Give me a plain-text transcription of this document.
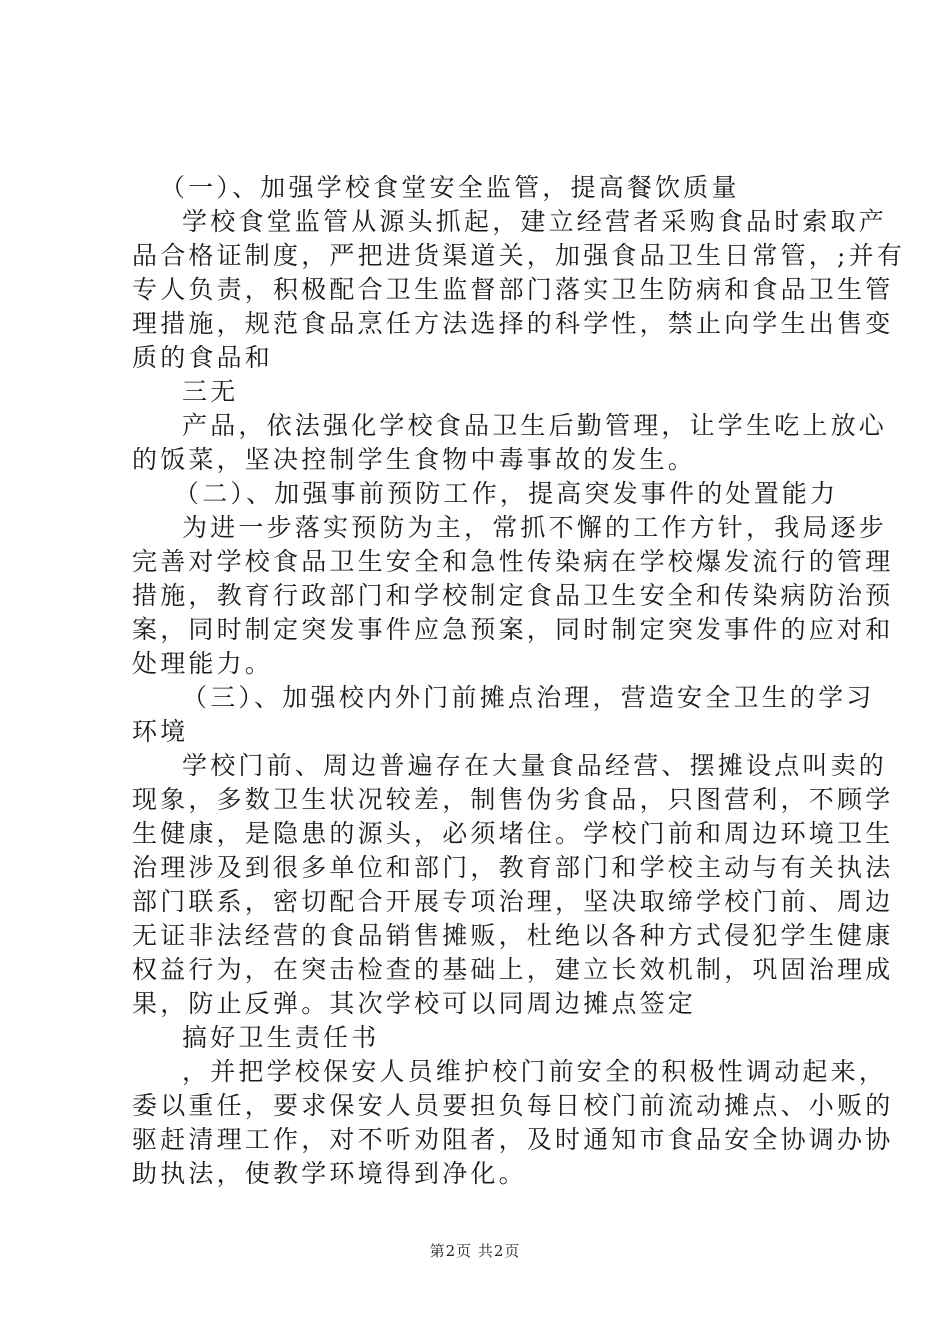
（一）、加强学校食堂安全监管，提高餐饮质量
学校食堂监管从源头抓起，建立经营者采购食品时索取产
品合格证制度，严把进货渠道关，加强食品卫生日常管，;并有
专人负责，积极配合卫生监督部门落实卫生防病和食品卫生管
理措施，规范食品烹任方法选择的科学性，禁止向学生出售变
质的食品和
三无
产品，依法强化学校食品卫生后勤管理，让学生吃上放心
的饭菜，坚决控制学生食物中毒事故的发生。
（二）、加强事前预防工作，提高突发事件的处置能力
为进一步落实预防为主，常抓不懈的工作方针，我局逐步
完善对学校食品卫生安全和急性传染病在学校爆发流行的管理
措施，教育行政部门和学校制定食品卫生安全和传染病防治预
案，同时制定突发事件应急预案，同时制定突发事件的应对和
处理能力。
（三）、加强校内外门前摊点治理，营造安全卫生的学习
环境
学校门前、周边普遍存在大量食品经营、摆摊设点叫卖的
现象，多数卫生状况较差，制售伪劣食品，只图营利，不顾学
生健康，是隐患的源头，必须堵住。学校门前和周边环境卫生
治理涉及到很多单位和部门，教育部门和学校主动与有关执法
部门联系，密切配合开展专项治理，坚决取缔学校门前、周边
无证非法经营的食品销售摊贩，杜绝以各种方式侵犯学生健康
权益行为，在突击检查的基础上，建立长效机制，巩固治理成
果，防止反弹。其次学校可以同周边摊点签定
搞好卫生责任书
，并把学校保安人员维护校门前安全的积极性调动起来，
委以重任，要求保安人员要担负每日校门前流动摊点、小贩的
驱赶清理工作，对不听劝阻者，及时通知市食品安全协调办协
助执法，使教学环境得到净化。
第2页 共2页
